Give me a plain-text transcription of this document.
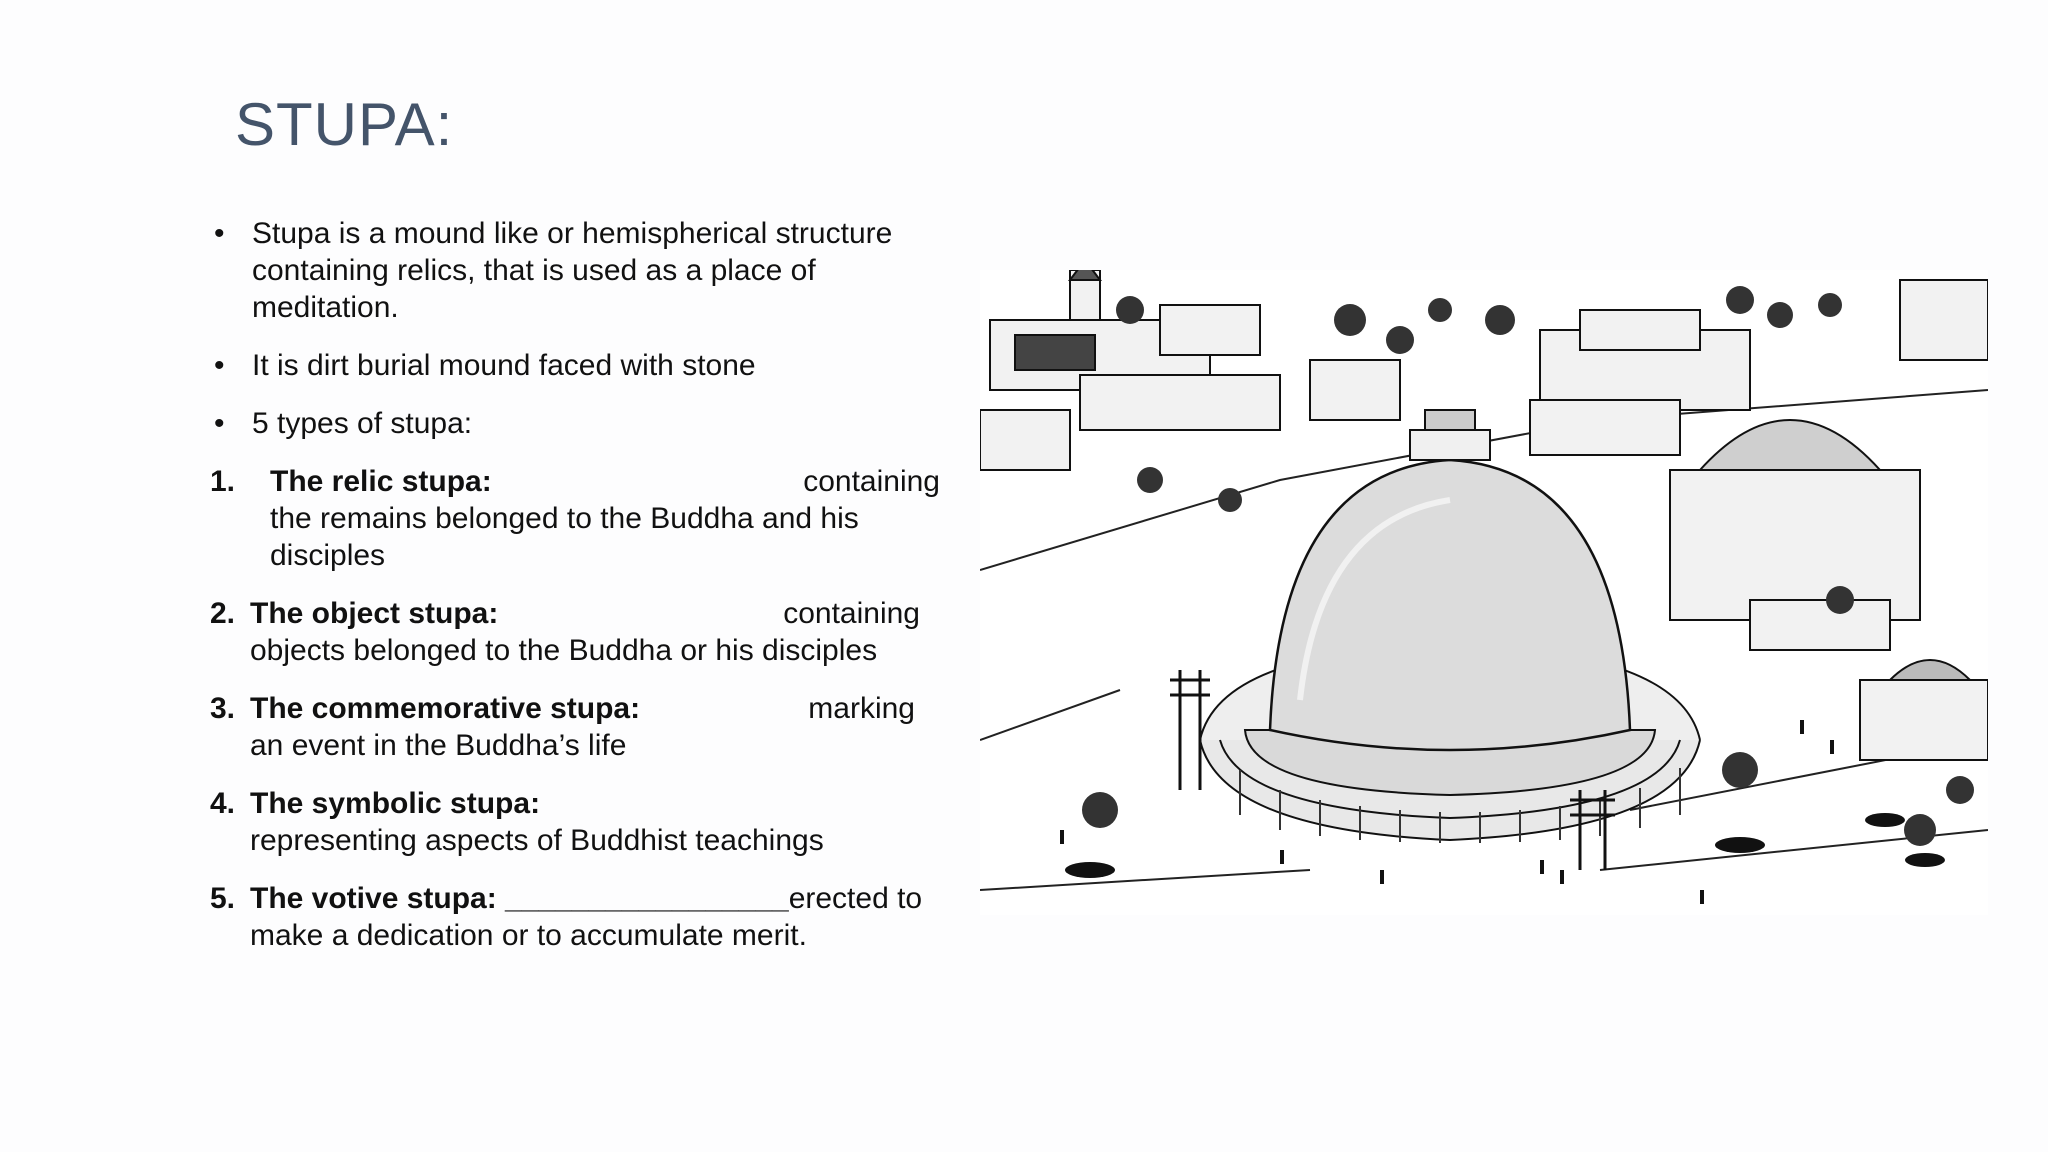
STUPA:
• Stupa is a mound like or hemispherical structure containing relics, that is used as a place of meditation.
• It is dirt burial mound faced with stone
• 5 types of stupa:
1. The relic stupa:	containing
the remains belonged to the Buddha and his disciples
2. The object stupa:	containing
objects belonged to the Buddha or his disciples
3. The commemorative stupa:	marking
an event in the Buddha’s life
4. The symbolic stupa:
representing aspects of Buddhist teachings
5. The votive stupa: _________________erected to
make a dedication or to accumulate merit.
